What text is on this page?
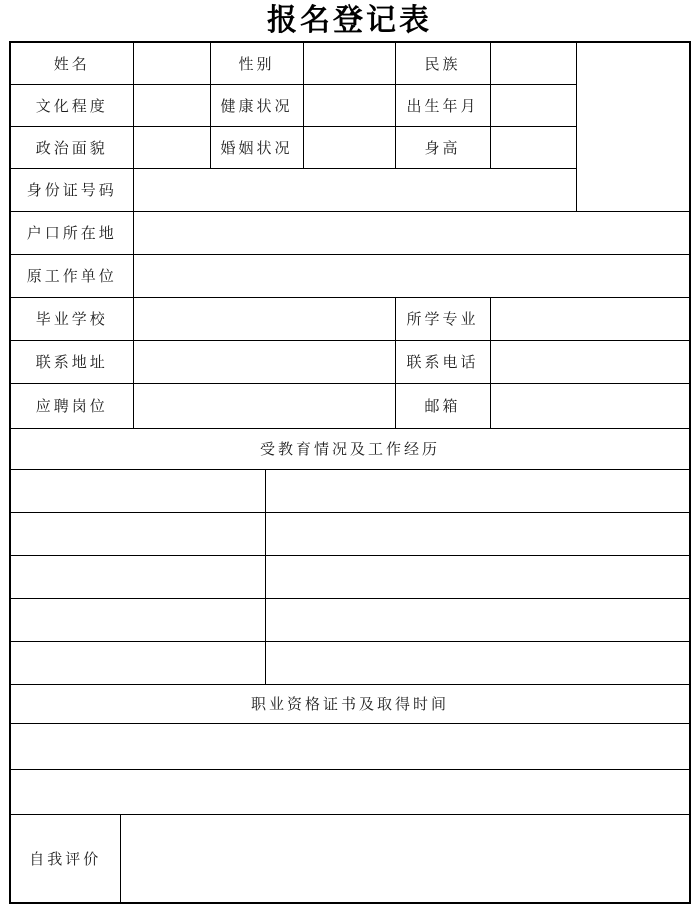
报名登记表
姓名			性别			民族		
文化程度			健康状况			出生年月		
政治面貌			婚姻状况			身高		
身份证号码								
户口所在地								
原工作单位								
毕业学校						所学专业		
联系地址						联系电话		
应聘岗位						邮箱		
受教育情况及工作经历								

职业资格证书及取得时间								

自我评价								
